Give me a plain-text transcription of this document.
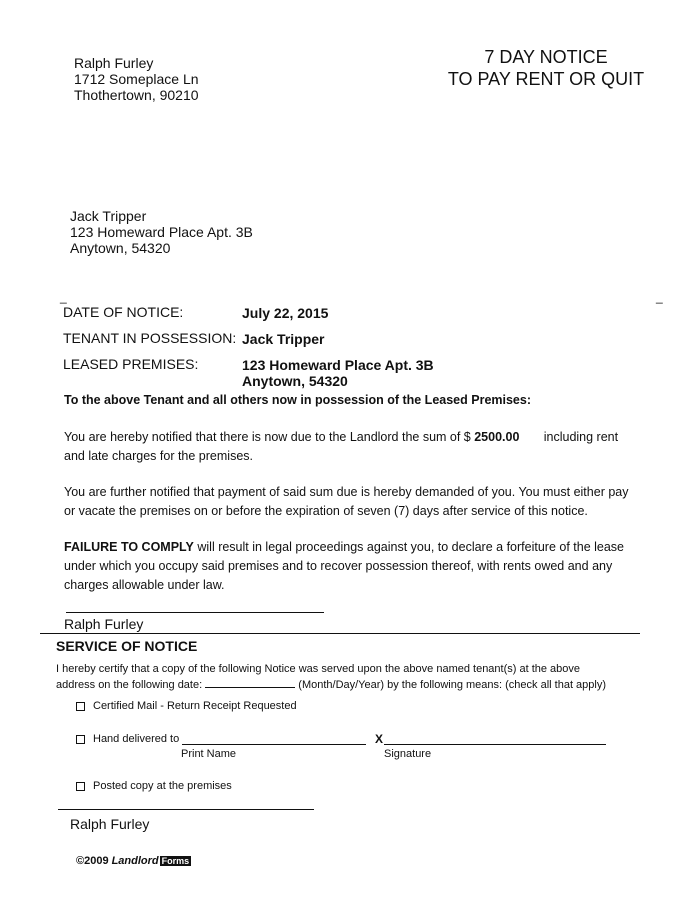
Ralph Furley
1712 Someplace Ln
Thothertown, 90210
7 DAY NOTICE
TO PAY RENT OR QUIT
Jack Tripper
123 Homeward Place Apt. 3B
Anytown, 54320
_	_
DATE OF NOTICE:	July 22, 2015
TENANT IN POSSESSION: Jack Tripper
LEASED PREMISES:	123 Homeward Place Apt. 3B
Anytown, 54320
To the above Tenant and all others now in possession of the Leased Premises:
You are hereby notified that there is now due to the Landlord the sum of $ 2500.00       including rent and late charges for the premises.
You are further notified that payment of said sum due is hereby demanded of you. You must either pay or vacate the premises on or before the expiration of seven (7) days after service of this notice.
FAILURE TO COMPLY will result in legal proceedings against you, to declare a forfeiture of the lease under which you occupy said premises and to recover possession thereof, with rents owed and any charges allowable under law.
Ralph Furley
SERVICE OF NOTICE
I hereby certify that a copy of the following Notice was served upon the above named tenant(s) at the above
address on the following date:	(Month/Day/Year) by the following means: (check all that apply)
Certified Mail - Return Receipt Requested
Hand delivered to
Print Name
X
Signature
Posted copy at the premises
Ralph Furley
©2009 Landlord Forms
